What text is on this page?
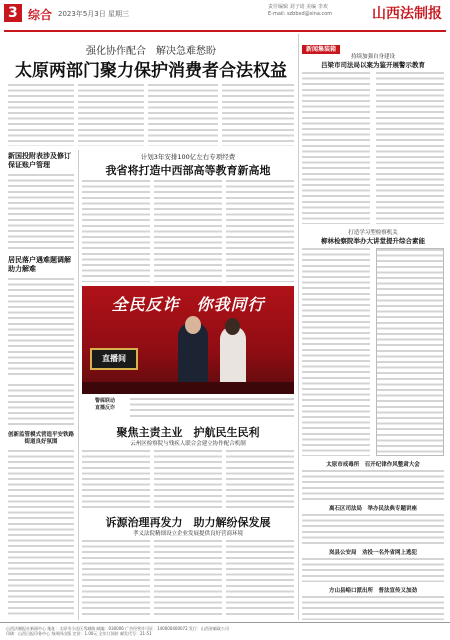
3 综合 2023年5月3日 星期三
责任编辑 刘子琦 美编 李欢
E-mail: szbbxd@sina.com	山西法制报
强化协作配合　解决急难愁盼
太原两部门聚力保护消费者合法权益
新国投附表涉及修订保证账户管理
居民落户遇难题调解助力解难
创新监管模式营造平安铁路街道良好氛围
计划3年安排100亿左右专项经费
我省将打造中西部高等教育新高地
全民反诈　你我同行
直播间
警媒联动
直播反诈
聚焦主责主业　护航民生民利
云州区检察院与残疾人联合会建立协作配合机制
诉源治理再发力　助力解纷保发展
孝义法院精细设立企业发展提供良好营商环境
新闻集装箱
持续加强自身建设
吕梁市司法局以案为鉴开展警示教育
打造学习型检察机关
柳林检察院举办大讲堂提升综合素能
太原市戒毒所　召开纪律作风整肃大会
离石区司法局　举办民法典专题讲座
岚县公安局　劝投一名外省网上逃犯
方山县峪口派出所　普法宣传又加劲
山西法制报社新闻中心 地址：太原市小店区坞城路 邮编：030006 广告经营许可证：140000400072 发行：山西省邮政公司
印刷：山西日报印务中心 每周四出版 定价：1.00元 全年订阅价 邮发代号：21-51
